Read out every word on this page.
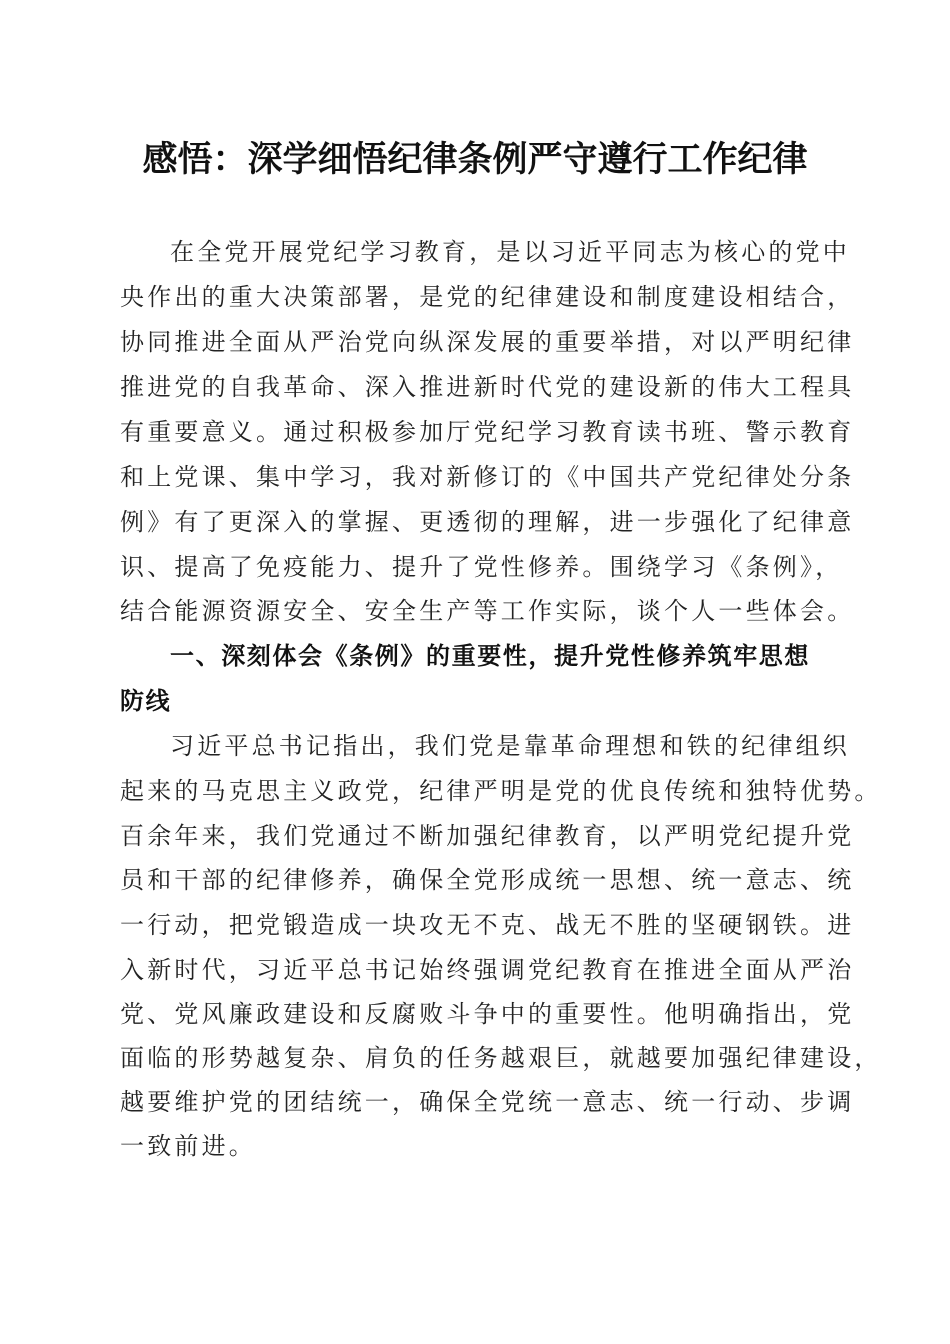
感悟：深学细悟纪律条例严守遵行工作纪律
在全党开展党纪学习教育，是以习近平同志为核心的党中
央作出的重大决策部署，是党的纪律建设和制度建设相结合，
协同推进全面从严治党向纵深发展的重要举措，对以严明纪律
推进党的自我革命、深入推进新时代党的建设新的伟大工程具
有重要意义。通过积极参加厅党纪学习教育读书班、警示教育
和上党课、集中学习，我对新修订的《中国共产党纪律处分条
例》有了更深入的掌握、更透彻的理解，进一步强化了纪律意
识、提高了免疫能力、提升了党性修养。围绕学习《条例》，
结合能源资源安全、安全生产等工作实际，谈个人一些体会。
一、深刻体会《条例》的重要性，提升党性修养筑牢思想
防线
习近平总书记指出，我们党是靠革命理想和铁的纪律组织
起来的马克思主义政党，纪律严明是党的优良传统和独特优势。
百余年来，我们党通过不断加强纪律教育，以严明党纪提升党
员和干部的纪律修养，确保全党形成统一思想、统一意志、统
一行动，把党锻造成一块攻无不克、战无不胜的坚硬钢铁。进
入新时代，习近平总书记始终强调党纪教育在推进全面从严治
党、党风廉政建设和反腐败斗争中的重要性。他明确指出，党
面临的形势越复杂、肩负的任务越艰巨，就越要加强纪律建设，
越要维护党的团结统一，确保全党统一意志、统一行动、步调
一致前进。
